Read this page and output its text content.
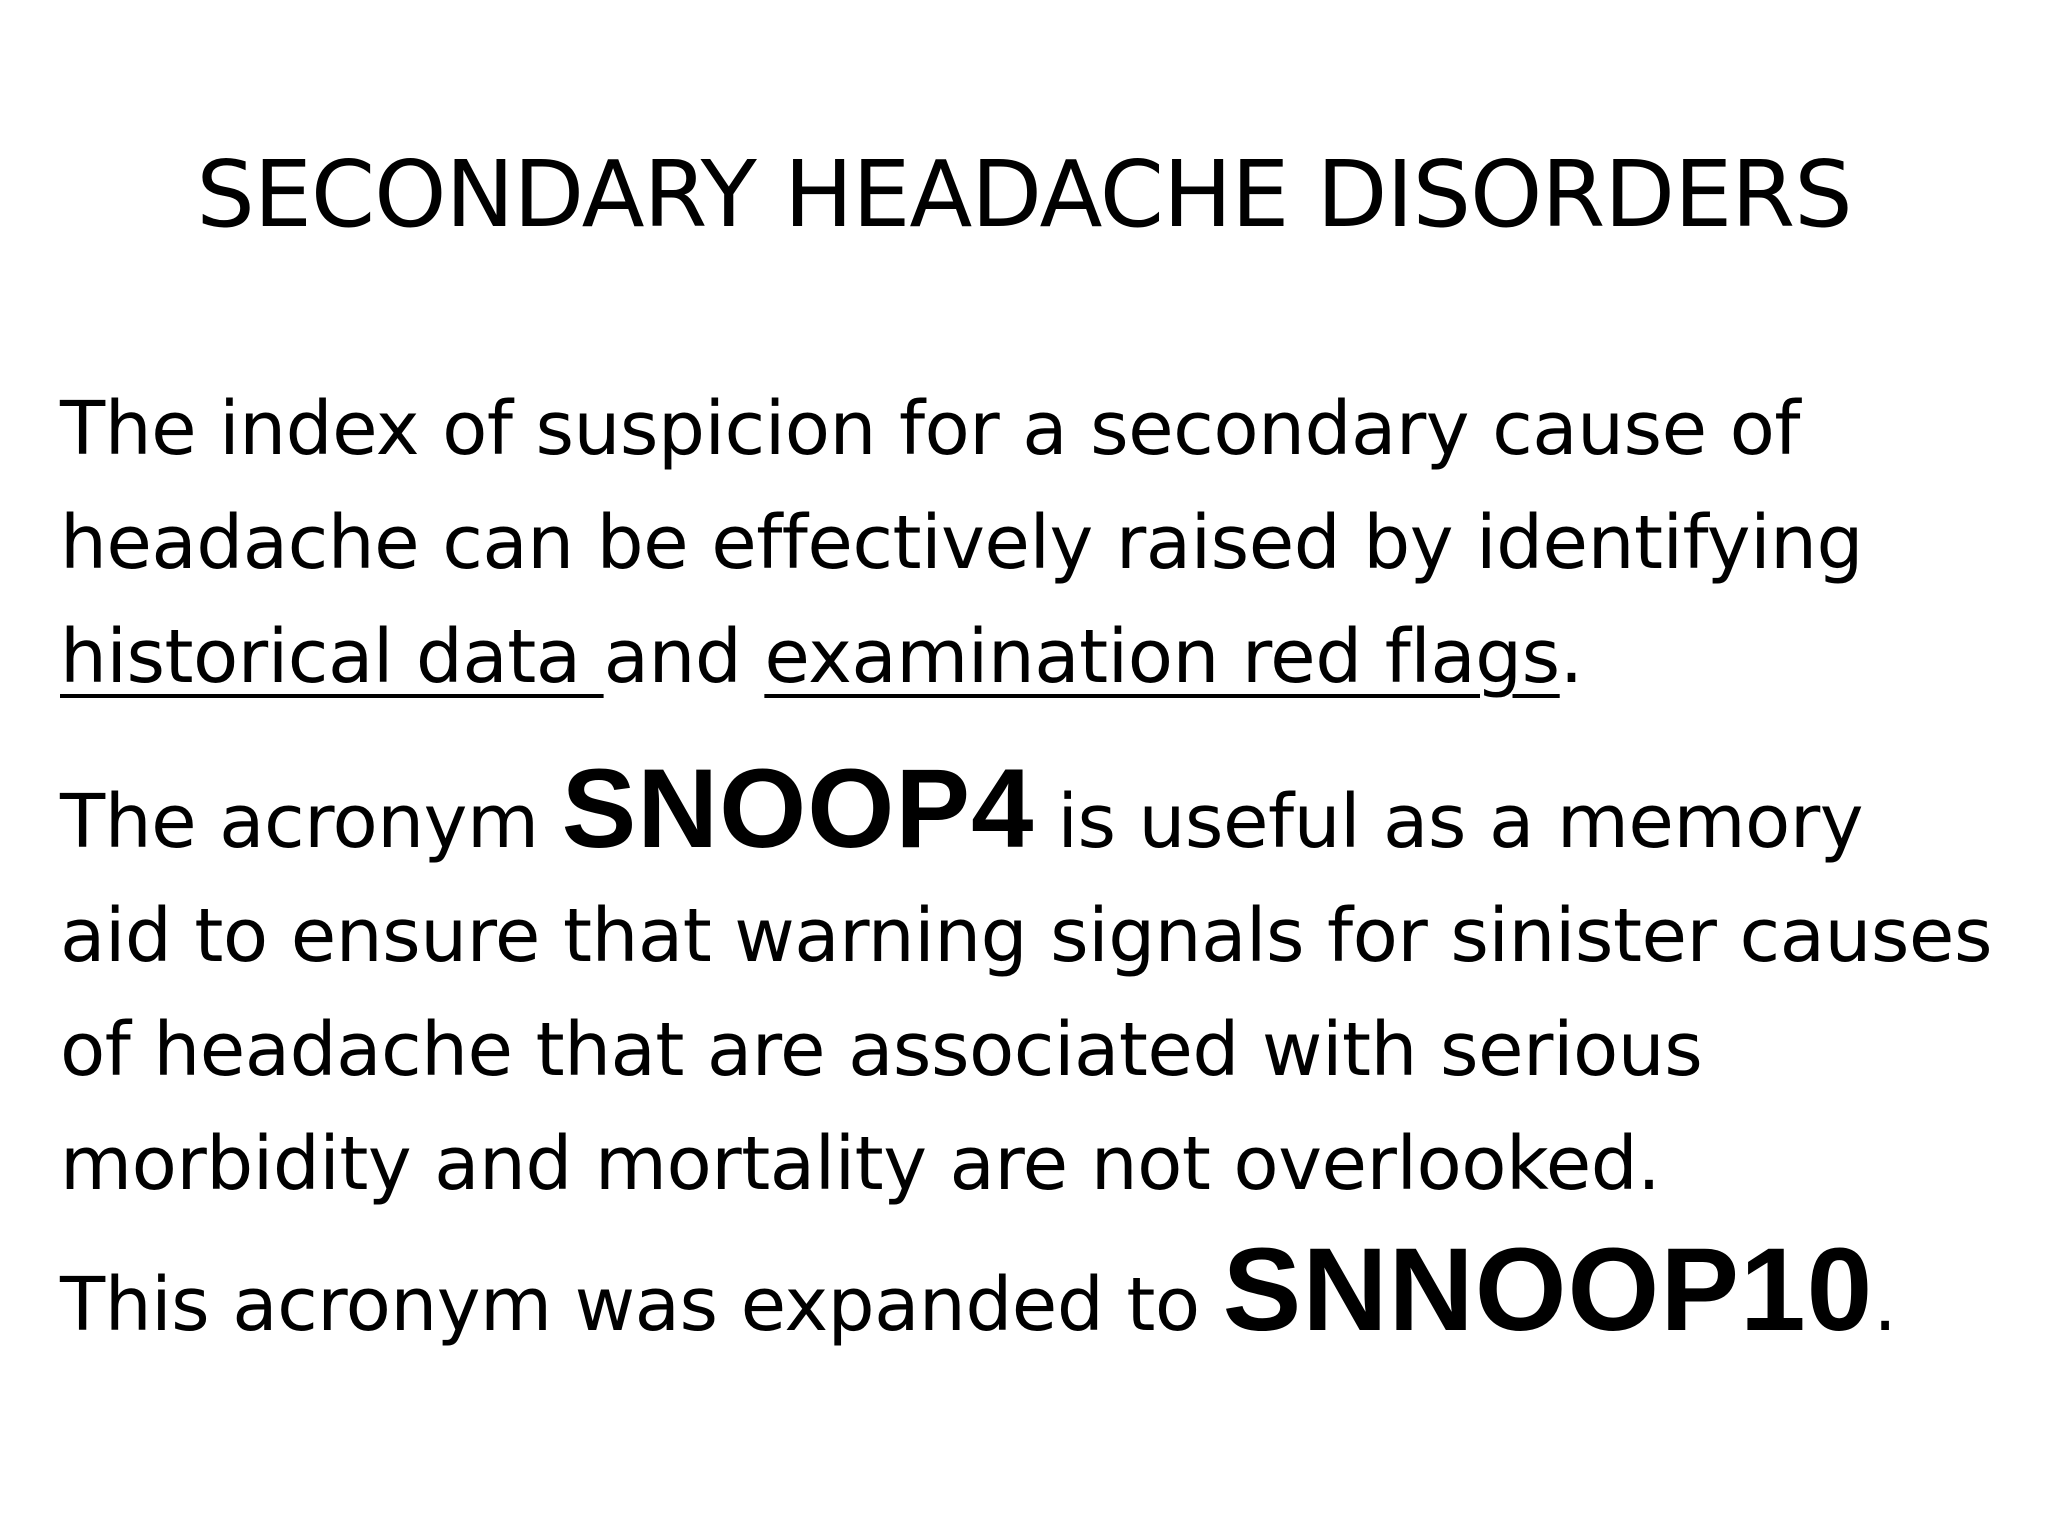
SECONDARY HEADACHE DISORDERS

The index of suspicion for a secondary cause of
headache can be effectively raised by identifying
historical data and examination red flags.

The acronym SNOOP4 is useful as a memory
aid to ensure that warning signals for sinister causes
of headache that are associated with serious
morbidity and mortality are not overlooked.

This acronym was expanded to SNNOOP10.
